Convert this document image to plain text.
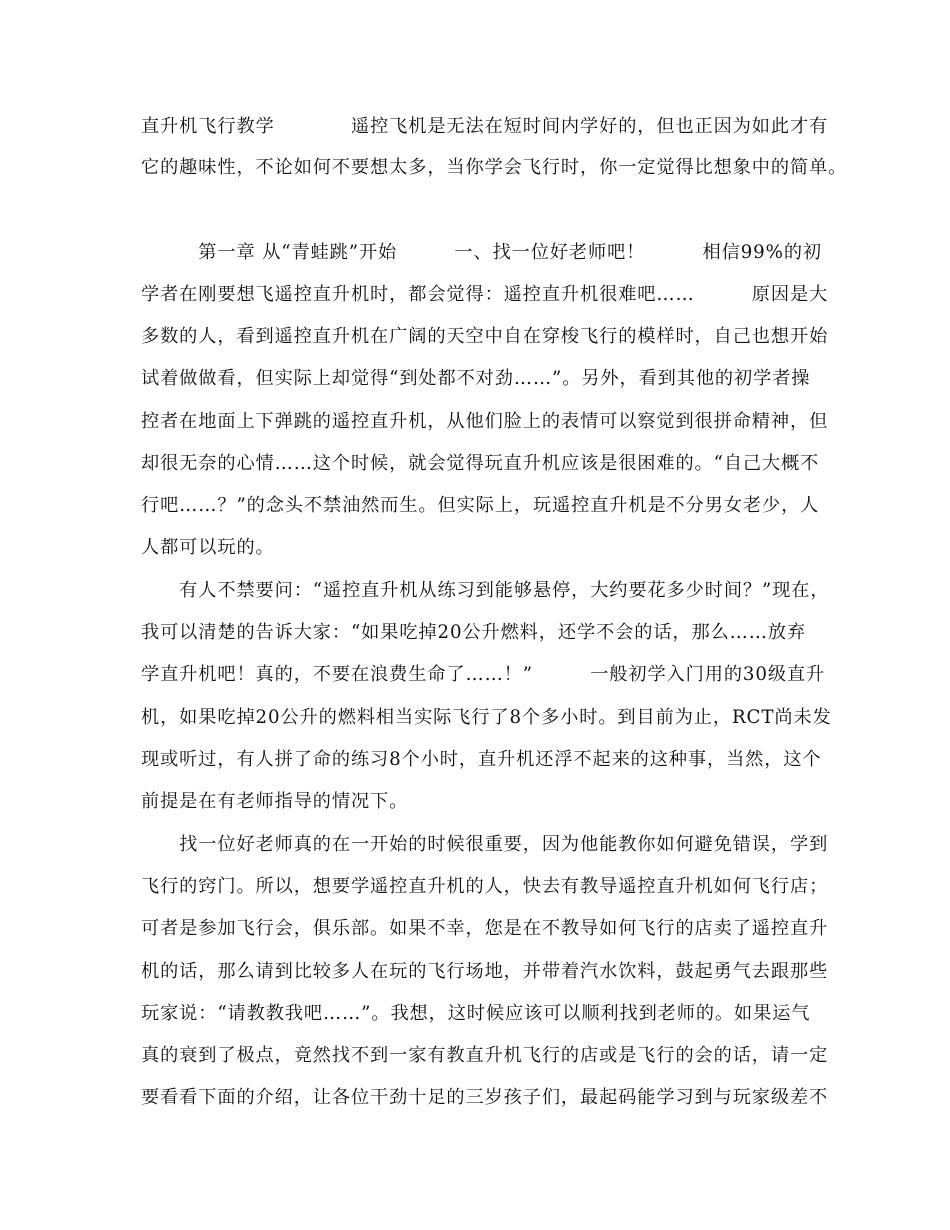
直升机飞行教学　　　　遥控飞机是无法在短时间内学好的，但也正因为如此才有
它的趣味性，不论如何不要想太多，当你学会飞行时，你一定觉得比想象中的简单。
　　　第一章 从“青蛙跳”开始　　　一、找一位好老师吧！　　　相信99%的初
学者在刚要想飞遥控直升机时，都会觉得：遥控直升机很难吧……　　　原因是大
多数的人，看到遥控直升机在广阔的天空中自在穿梭飞行的模样时，自己也想开始
试着做做看，但实际上却觉得“到处都不对劲……”。另外，看到其他的初学者操
控者在地面上下弹跳的遥控直升机，从他们脸上的表情可以察觉到很拼命精神，但
却很无奈的心情……这个时候，就会觉得玩直升机应该是很困难的。“自己大概不
行吧……？”的念头不禁油然而生。但实际上，玩遥控直升机是不分男女老少，人
人都可以玩的。
　　有人不禁要问：“遥控直升机从练习到能够悬停，大约要花多少时间？”现在，
我可以清楚的告诉大家：“如果吃掉20公升燃料，还学不会的话，那么……放弃
学直升机吧！真的，不要在浪费生命了……！”　　　一般初学入门用的30级直升
机，如果吃掉20公升的燃料相当实际飞行了8个多小时。到目前为止，RCT尚未发
现或听过，有人拼了命的练习8个小时，直升机还浮不起来的这种事，当然，这个
前提是在有老师指导的情况下。
　　找一位好老师真的在一开始的时候很重要，因为他能教你如何避免错误，学到
飞行的窍门。所以，想要学遥控直升机的人，快去有教导遥控直升机如何飞行店；
可者是参加飞行会，俱乐部。如果不幸，您是在不教导如何飞行的店卖了遥控直升
机的话，那么请到比较多人在玩的飞行场地，并带着汽水饮料，鼓起勇气去跟那些
玩家说：“请教教我吧……”。我想，这时候应该可以顺利找到老师的。如果运气
真的衰到了极点，竟然找不到一家有教直升机飞行的店或是飞行的会的话，请一定
要看看下面的介绍，让各位干劲十足的三岁孩子们，最起码能学习到与玩家级差不
